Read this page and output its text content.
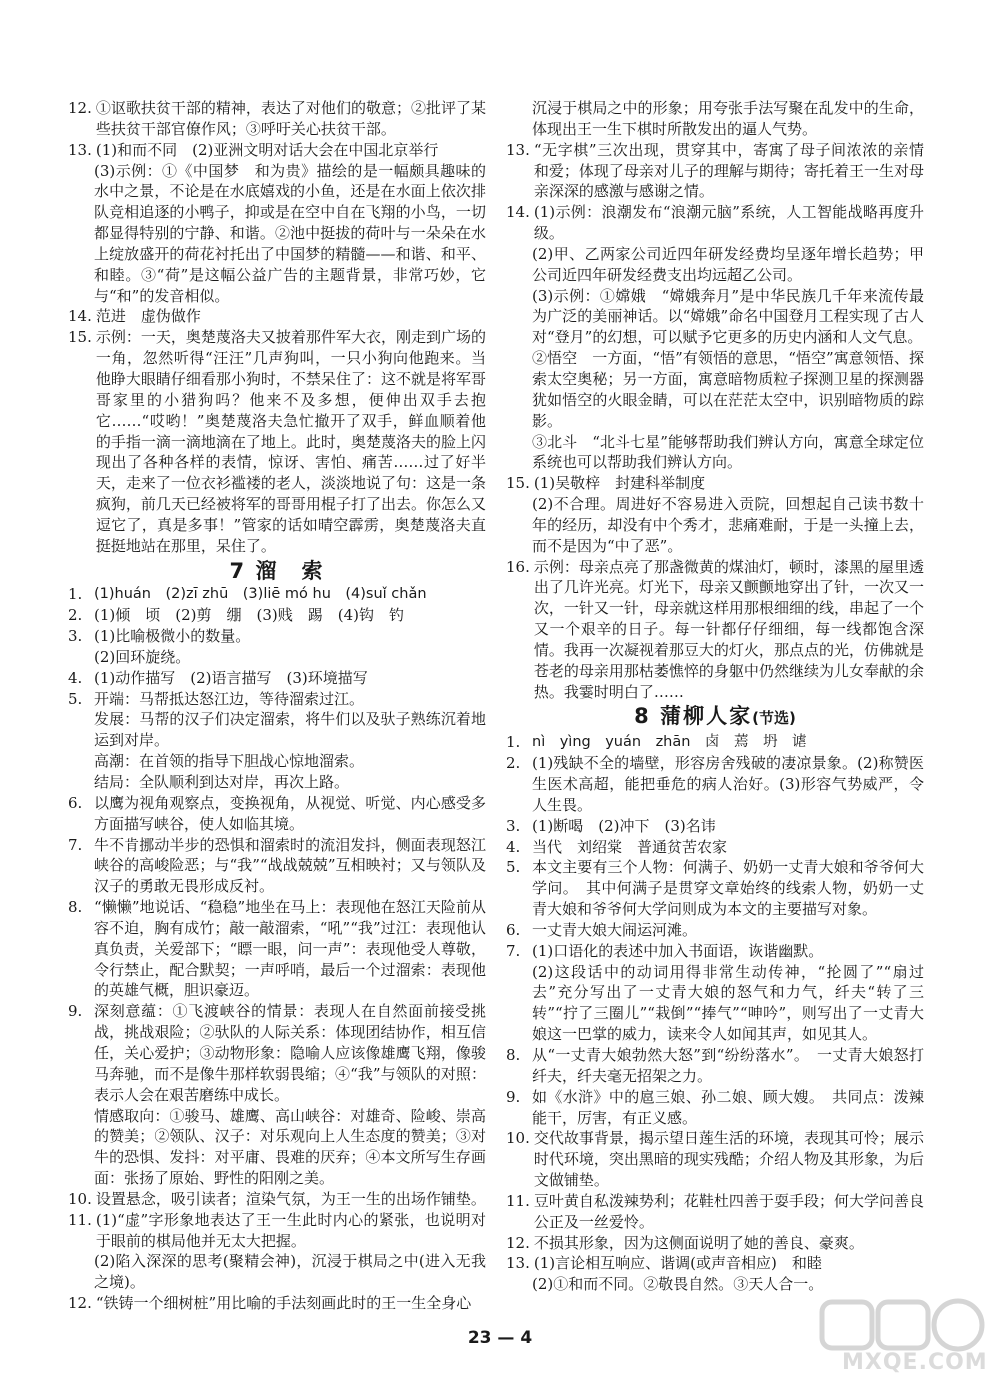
12. ①讴歌扶贫干部的精神，表达了对他们的敬意；②批评了某些扶贫干部官僚作风；③呼吁关心扶贫干部。
13. (1)和而不同　(2)亚洲文明对话大会在中国北京举行
(3)示例：①《中国梦　和为贵》描绘的是一幅颇具趣味的水中之景，不论是在水底嬉戏的小鱼，还是在水面上依次排队竞相追逐的小鸭子，抑或是在空中自在飞翔的小鸟，一切都显得特别的宁静、和谐。②池中挺拔的荷叶与一朵朵在水上绽放盛开的荷花衬托出了中国梦的精髓——和谐、和平、和睦。③“荷”是这幅公益广告的主题背景，非常巧妙，它与“和”的发音相似。
14. 范进　虚伪做作
15. 示例：一天，奥楚蔑洛夫又披着那件军大衣，刚走到广场的一角，忽然听得“汪汪”几声狗叫，一只小狗向他跑来。当他睁大眼睛仔细看那小狗时，不禁呆住了：这不就是将军哥哥家里的小猎狗吗？他来不及多想，便伸出双手去抱它……“哎哟！”奥楚蔑洛夫急忙撤开了双手，鲜血顺着他的手指一滴一滴地滴在了地上。此时，奥楚蔑洛夫的脸上闪现出了各种各样的表情，惊讶、害怕、痛苦……过了好半天，走来了一位衣衫褴褛的老人，淡淡地说了句：这是一条疯狗，前几天已经被将军的哥哥用棍子打了出去。你怎么又逗它了，真是多事！”管家的话如晴空霹雳，奥楚蔑洛夫直挺挺地站在那里，呆住了。
7 溜　索
1. (1)huán　(2)zī zhū　(3)liē mó hu　(4)suǐ chǎn
2. (1)倾　顷　(2)剪　绷　(3)贱　踢　(4)钩　钓
3. (1)比喻极微小的数量。
(2)回环旋绕。
4. (1)动作描写　(2)语言描写　(3)环境描写
5. 开端：马帮抵达怒江边，等待溜索过江。
发展：马帮的汉子们决定溜索，将牛们以及驮子熟练沉着地运到对岸。
高潮：在首领的指导下胆战心惊地溜索。
结局：全队顺利到达对岸，再次上路。
6. 以鹰为视角观察点，变换视角，从视觉、听觉、内心感受多方面描写峡谷，使人如临其境。
7. 牛不肯挪动半步的恐惧和溜索时的流泪发抖，侧面表现怒江峡谷的高峻险恶；与“我”“战战兢兢”互相映衬；又与领队及汉子的勇敢无畏形成反衬。
8. “懒懒”地说话、“稳稳”地坐在马上：表现他在怒江天险前从容不迫，胸有成竹；敲一敲溜索，“吼”“我”过江：表现他认真负责，关爱部下；“瞟一眼，问一声”：表现他受人尊敬，令行禁止，配合默契；一声呼哨，最后一个过溜索：表现他的英雄气概，胆识豪迈。
9. 深刻意蕴：①飞渡峡谷的情景：表现人在自然面前接受挑战，挑战艰险；②驮队的人际关系：体现团结协作，相互信任，关心爱护；③动物形象：隐喻人应该像雄鹰飞翔，像骏马奔驰，而不是像牛那样软弱畏缩；④“我”与领队的对照：表示人会在艰苦磨练中成长。
情感取向：①骏马、雄鹰、高山峡谷：对雄奇、险峻、崇高的赞美；②领队、汉子：对乐观向上人生态度的赞美；③对牛的恐惧、发抖：对平庸、畏难的厌弃；④本文所写生存画面：张扬了原始、野性的阳刚之美。
10. 设置悬念，吸引读者；渲染气氛，为王一生的出场作铺垫。
11. (1)“虚”字形象地表达了王一生此时内心的紧张，也说明对于眼前的棋局他并无太大把握。
(2)陷入深深的思考(聚精会神)，沉浸于棋局之中(进入无我之境)。
12. “铁铸一个细树桩”用比喻的手法刻画此时的王一生全身心
沉浸于棋局之中的形象；用夸张手法写聚在乱发中的生命，体现出王一生下棋时所散发出的逼人气势。
13. “无字棋”三次出现，贯穿其中，寄寓了母子间浓浓的亲情和爱；体现了母亲对儿子的理解与期待；寄托着王一生对母亲深深的感激与感谢之情。
14. (1)示例：浪潮发布“浪潮元脑”系统，人工智能战略再度升级。
(2)甲、乙两家公司近四年研发经费均呈逐年增长趋势；甲公司近四年研发经费支出均远超乙公司。
(3)示例：①嫦娥　“嫦娥奔月”是中华民族几千年来流传最为广泛的美丽神话。以“嫦娥”命名中国登月工程实现了古人对“登月”的幻想，可以赋予它更多的历史内涵和人文气息。
②悟空　一方面，“悟”有领悟的意思，“悟空”寓意领悟、探索太空奥秘；另一方面，寓意暗物质粒子探测卫星的探测器犹如悟空的火眼金睛，可以在茫茫太空中，识别暗物质的踪影。
③北斗　“北斗七星”能够帮助我们辨认方向，寓意全球定位系统也可以帮助我们辨认方向。
15. (1)吴敬梓　封建科举制度
(2)不合理。周进好不容易进入贡院，回想起自己读书数十年的经历，却没有中个秀才，悲痛难耐，于是一头撞上去，而不是因为“中了恶”。
16. 示例：母亲点亮了那盏微黄的煤油灯，顿时，漆黑的屋里透出了几许光亮。灯光下，母亲又颤颤地穿出了针，一次又一次，一针又一针，母亲就这样用那根细细的线，串起了一个又一个艰辛的日子。每一针都仔仔细细，每一线都饱含深情。我再一次凝视着那豆大的灯火，那点点的光，仿佛就是苍老的母亲用那枯萎憔悴的身躯中仍然继续为儿女奉献的余热。我霎时明白了……
8 蒲柳人家(节选)
1. nì　yìng　yuán　zhān　卤　蔫　坍　谑
2. (1)残缺不全的墙壁，形容房舍残破的凄凉景象。(2)称赞医生医术高超，能把垂危的病人治好。(3)形容气势威严，令人生畏。
3. (1)断喝　(2)冲下　(3)名讳
4. 当代　刘绍棠　普通贫苦农家
5. 本文主要有三个人物：何满子、奶奶一丈青大娘和爷爷何大学问。　其中何满子是贯穿文章始终的线索人物，奶奶一丈青大娘和爷爷何大学问则成为本文的主要描写对象。
6. 一丈青大娘大闹运河滩。
7. (1)口语化的表述中加入书面语，诙谐幽默。
(2)这段话中的动词用得非常生动传神，“抡圆了”“扇过去”充分写出了一丈青大娘的怒气和力气，纤夫“转了三转”“拧了三圈儿”“栽倒”“捧气”“呻吟”，则写出了一丈青大娘这一巴掌的威力，读来令人如闻其声，如见其人。
8. 从“一丈青大娘勃然大怒”到“纷纷落水”。　一丈青大娘怒打纤夫，纤夫毫无招架之力。
9. 如《水浒》中的扈三娘、孙二娘、顾大嫂。　共同点：泼辣能干，厉害，有正义感。
10. 交代故事背景，揭示望日莲生活的环境，表现其可怜；展示时代环境，突出黑暗的现实残酷；介绍人物及其形象，为后文做铺垫。
11. 豆叶黄自私泼辣势利；花鞋杜四善于耍手段；何大学问善良公正及一丝爱怜。
12. 不损其形象，因为这侧面说明了她的善良、豪爽。
13. (1)言论相互响应、谐调(或声音相应)　和睦
(2)①和而不同。②敬畏自然。③天人合一。
23 — 4
MXQE.COM
